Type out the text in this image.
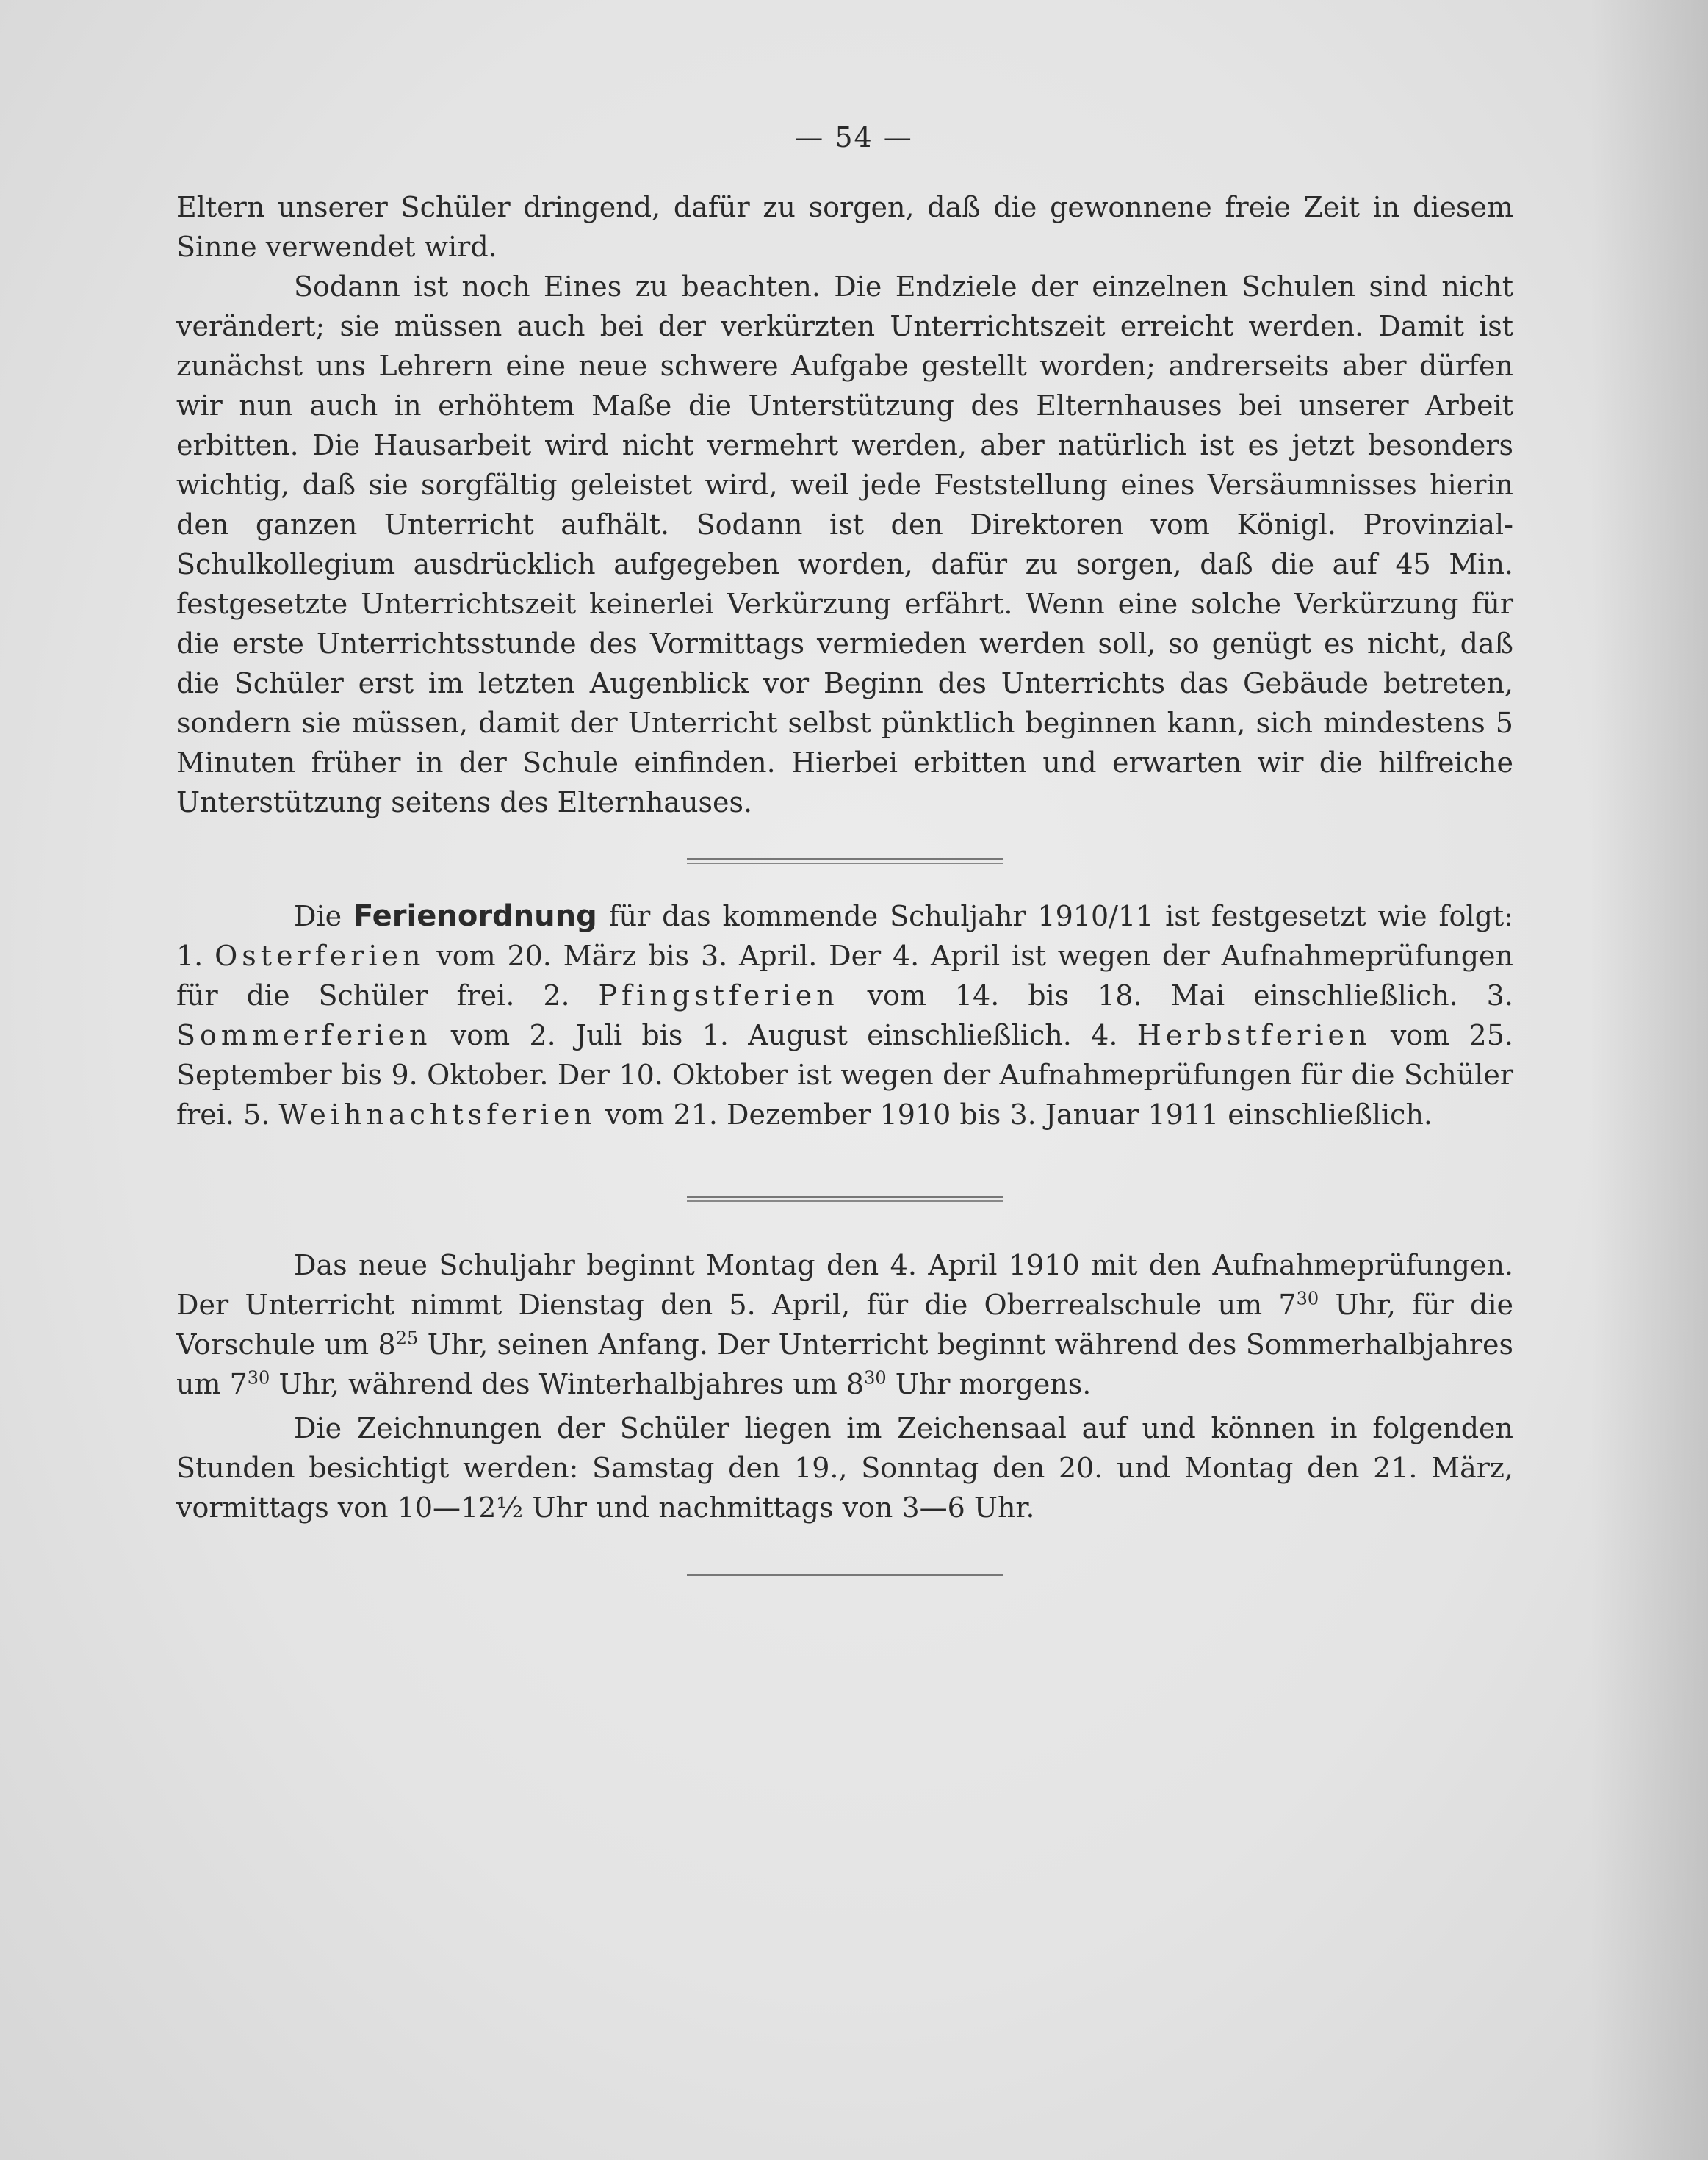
— 54 —

Eltern unserer Schüler dringend, dafür zu sorgen, daß die gewonnene freie Zeit in diesem Sinne verwendet wird.

Sodann ist noch Eines zu beachten. Die Endziele der einzelnen Schulen sind nicht verändert; sie müssen auch bei der verkürzten Unterrichtszeit erreicht werden. Damit ist zunächst uns Lehrern eine neue schwere Aufgabe gestellt worden; andrerseits aber dürfen wir nun auch in erhöhtem Maße die Unterstützung des Elternhauses bei unserer Arbeit erbitten. Die Hausarbeit wird nicht vermehrt werden, aber natürlich ist es jetzt besonders wichtig, daß sie sorgfältig geleistet wird, weil jede Feststellung eines Versäumnisses hierin den ganzen Unterricht aufhält. Sodann ist den Direktoren vom Königl. Provinzial-Schulkollegium ausdrücklich aufgegeben worden, dafür zu sorgen, daß die auf 45 Min. festgesetzte Unterrichtszeit keinerlei Verkürzung erfährt. Wenn eine solche Verkürzung für die erste Unterrichtsstunde des Vormittags vermieden werden soll, so genügt es nicht, daß die Schüler erst im letzten Augenblick vor Beginn des Unterrichts das Gebäude betreten, sondern sie müssen, damit der Unterricht selbst pünktlich beginnen kann, sich mindestens 5 Minuten früher in der Schule einfinden. Hierbei erbitten und erwarten wir die hilfreiche Unterstützung seitens des Elternhauses.

Die Ferienordnung für das kommende Schuljahr 1910/11 ist festgesetzt wie folgt: 1. Osterferien vom 20. März bis 3. April. Der 4. April ist wegen der Aufnahmeprüfungen für die Schüler frei. 2. Pfingstferien vom 14. bis 18. Mai einschließlich. 3. Sommerferien vom 2. Juli bis 1. August einschließlich. 4. Herbstferien vom 25. September bis 9. Oktober. Der 10. Oktober ist wegen der Aufnahmeprüfungen für die Schüler frei. 5. Weihnachtsferien vom 21. Dezember 1910 bis 3. Januar 1911 einschließlich.

Das neue Schuljahr beginnt Montag den 4. April 1910 mit den Aufnahmeprüfungen. Der Unterricht nimmt Dienstag den 5. April, für die Oberrealschule um $7^{30}$ Uhr, für die Vorschule um $8^{25}$ Uhr, seinen Anfang. Der Unterricht beginnt während des Sommerhalbjahres um $7^{30}$ Uhr, während des Winterhalbjahres um $8^{30}$ Uhr morgens.

Die Zeichnungen der Schüler liegen im Zeichensaal auf und können in folgenden Stunden besichtigt werden: Samstag den 19., Sonntag den 20. und Montag den 21. März, vormittags von 10—12½ Uhr und nachmittags von 3—6 Uhr.
